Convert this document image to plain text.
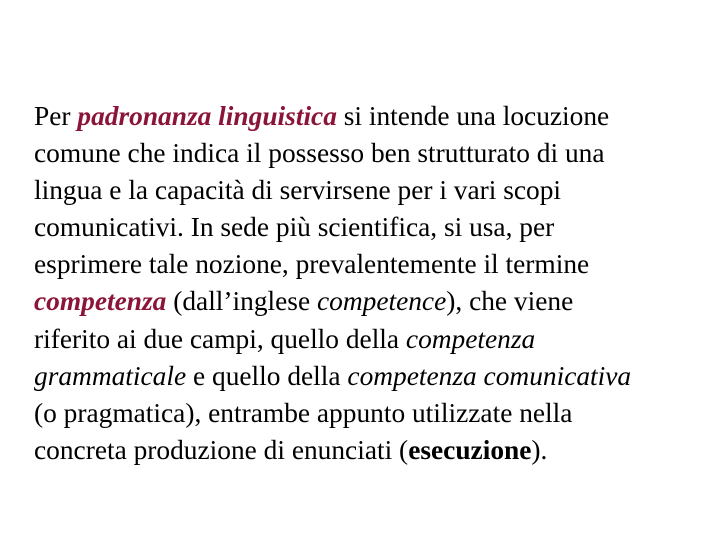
Per padronanza linguistica si intende una locuzione
comune che indica il possesso ben strutturato di una
lingua e la capacità di servirsene per i vari scopi
comunicativi. In sede più scientifica, si usa, per
esprimere tale nozione, prevalentemente il termine
competenza (dall’inglese competence), che viene
riferito ai due campi, quello della competenza
grammaticale e quello della competenza comunicativa
(o pragmatica), entrambe appunto utilizzate nella
concreta produzione di enunciati (esecuzione).
